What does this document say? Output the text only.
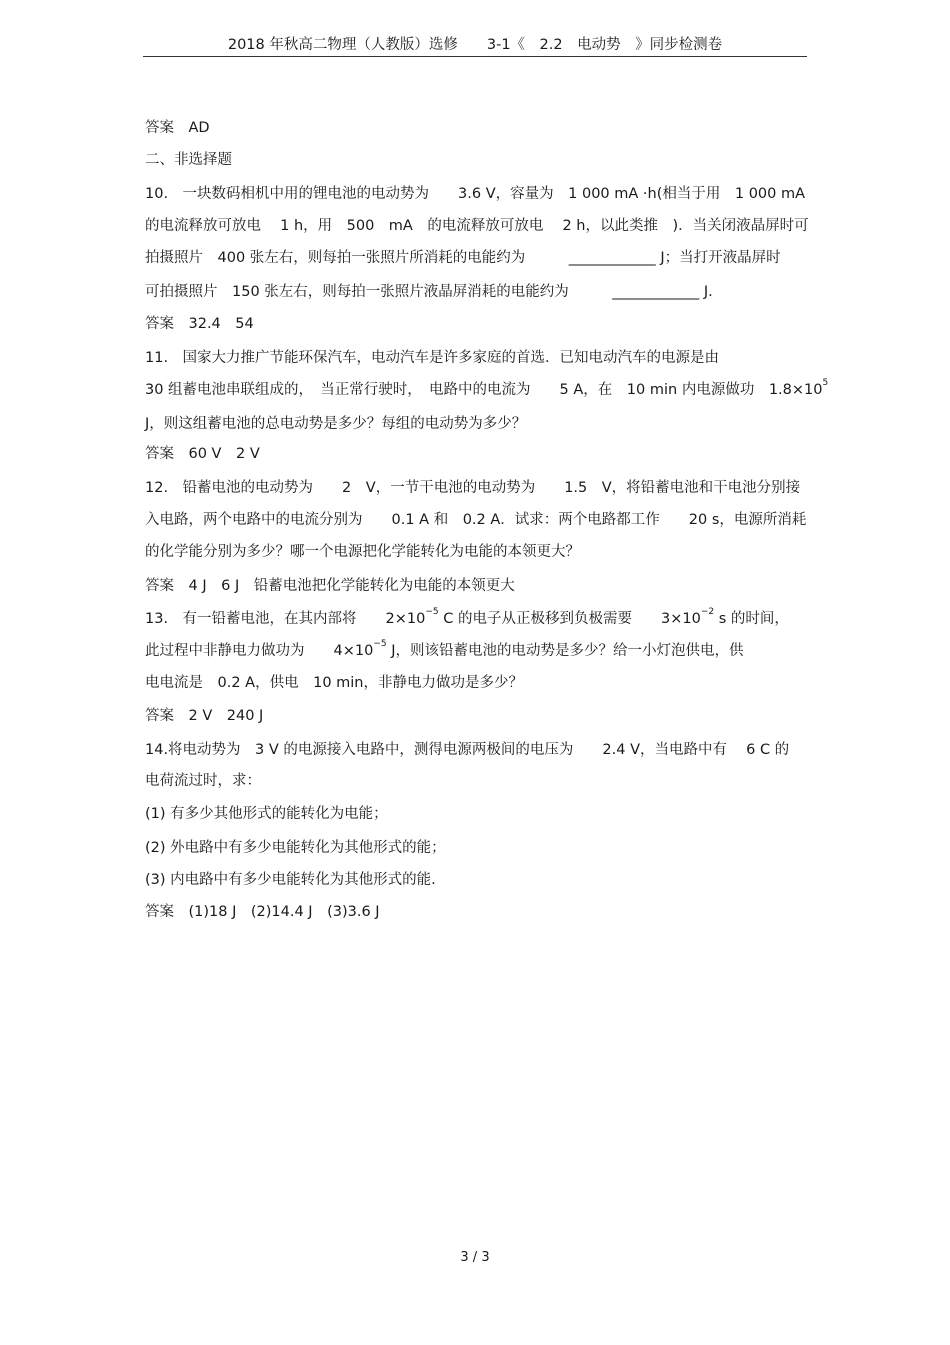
2018 年秋高二物理（人教版）选修　　3-1《　2.2　电动势　》同步检测卷
答案　AD
二、非选择题
10.　一块数码相机中用的锂电池的电动势为　　3.6 V，容量为　1 000 mA ·h(相当于用　1 000 mA
的电流释放可放电　 1 h，用　500　mA　的电流释放可放电　 2 h，以此类推　)．当关闭液晶屏时可
拍摄照片　400 张左右，则每拍一张照片所消耗的电能约为　　　____________ J；当打开液晶屏时
可拍摄照片　150 张左右，则每拍一张照片液晶屏消耗的电能约为　　　____________ J.
答案　32.4　54
11.　国家大力推广节能环保汽车，电动汽车是许多家庭的首选．已知电动汽车的电源是由
30 组蓄电池串联组成的，　当正常行驶时，　电路中的电流为　　5 A，在　10 min 内电源做功　$1.8\times 10^5$
J，则这组蓄电池的总电动势是多少？每组的电动势为多少？
答案　60 V　2 V
12.　铅蓄电池的电动势为　　2　V，一节干电池的电动势为　　1.5　V，将铅蓄电池和干电池分别接
入电路，两个电路中的电流分别为　　0.1 A 和　0.2 A．试求：两个电路都工作　　20 s，电源所消耗
的化学能分别为多少？哪一个电源把化学能转化为电能的本领更大？
答案　4 J　6 J　铅蓄电池把化学能转化为电能的本领更大
13.　有一铅蓄电池，在其内部将　　$2\times 10^{-5}$ C 的电子从正极移到负极需要　　$3\times 10^{-2}$ s 的时间，
此过程中非静电力做功为　　$4\times 10^{-5}$ J，则该铅蓄电池的电动势是多少？给一小灯泡供电，供
电电流是　0.2 A，供电　10 min，非静电力做功是多少？
答案　2 V　240 J
14.将电动势为　3 V 的电源接入电路中，测得电源两极间的电压为　　2.4 V，当电路中有　 6 C 的
电荷流过时，求：
(1) 有多少其他形式的能转化为电能；
(2) 外电路中有多少电能转化为其他形式的能；
(3) 内电路中有多少电能转化为其他形式的能.
答案　(1)18 J　(2)14.4 J　(3)3.6 J
3 / 3
